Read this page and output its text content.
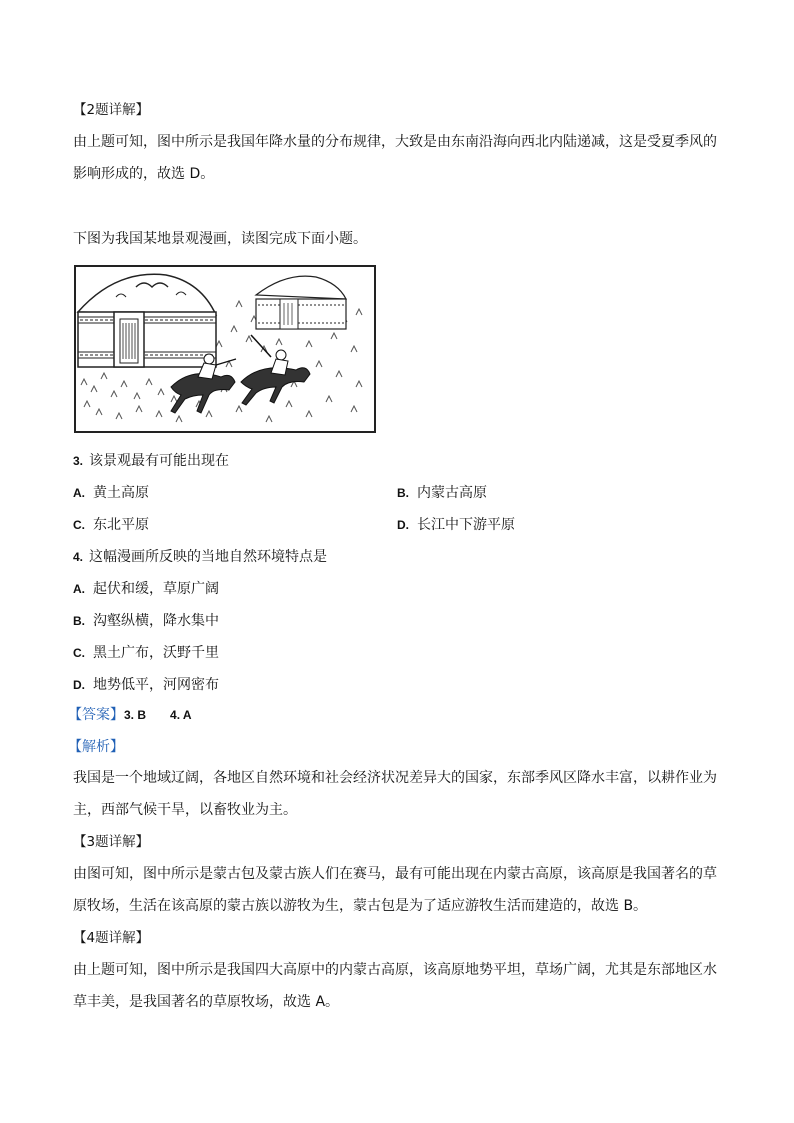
【2题详解】
由上题可知，图中所示是我国年降水量的分布规律，大致是由东南沿海向西北内陆递减，这是受夏季风的
影响形成的，故选 D。
下图为我国某地景观漫画，读图完成下面小题。
3. 该景观最有可能出现在
A. 黄土高原	B. 内蒙古高原
C. 东北平原	D. 长江中下游平原
4. 这幅漫画所反映的当地自然环境特点是
A. 起伏和缓，草原广阔
B. 沟壑纵横，降水集中
C. 黑土广布，沃野千里
D. 地势低平，河网密布
【答案】3. B 4. A
【解析】
我国是一个地域辽阔，各地区自然环境和社会经济状况差异大的国家，东部季风区降水丰富，以耕作业为
主，西部气候干旱，以畜牧业为主。
【3题详解】
由图可知，图中所示是蒙古包及蒙古族人们在赛马，最有可能出现在内蒙古高原，该高原是我国著名的草
原牧场，生活在该高原的蒙古族以游牧为生，蒙古包是为了适应游牧生活而建造的，故选 B。
【4题详解】
由上题可知，图中所示是我国四大高原中的内蒙古高原，该高原地势平坦，草场广阔，尤其是东部地区水
草丰美，是我国著名的草原牧场，故选 A。
